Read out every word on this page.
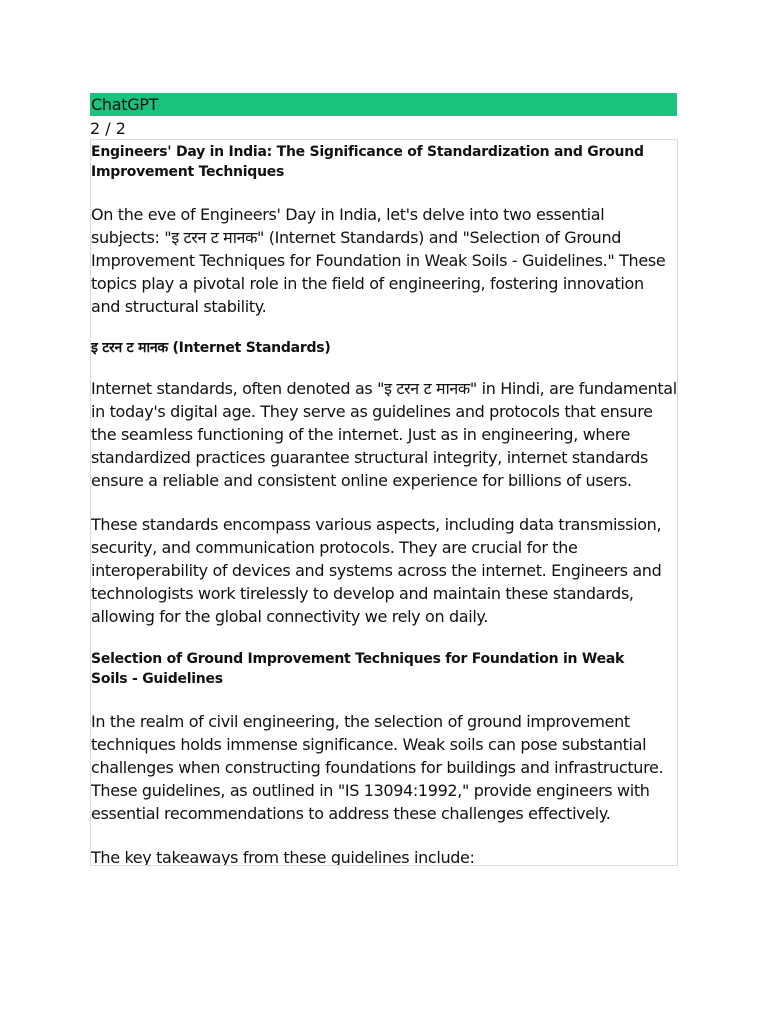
ChatGPT
2 / 2
Engineers' Day in India: The Significance of Standardization and Ground Improvement Techniques
On the eve of Engineers' Day in India, let's delve into two essential subjects: "इ टरन ट मानक" (Internet Standards) and "Selection of Ground Improvement Techniques for Foundation in Weak Soils - Guidelines." These topics play a pivotal role in the field of engineering, fostering innovation and structural stability.
इ टरन ट मानक (Internet Standards)
Internet standards, often denoted as "इ टरन ट मानक" in Hindi, are fundamental in today's digital age. They serve as guidelines and protocols that ensure the seamless functioning of the internet. Just as in engineering, where standardized practices guarantee structural integrity, internet standards ensure a reliable and consistent online experience for billions of users.
These standards encompass various aspects, including data transmission, security, and communication protocols. They are crucial for the interoperability of devices and systems across the internet. Engineers and technologists work tirelessly to develop and maintain these standards, allowing for the global connectivity we rely on daily.
Selection of Ground Improvement Techniques for Foundation in Weak Soils - Guidelines
In the realm of civil engineering, the selection of ground improvement techniques holds immense significance. Weak soils can pose substantial challenges when constructing foundations for buildings and infrastructure. These guidelines, as outlined in "IS 13094:1992," provide engineers with essential recommendations to address these challenges effectively.
The key takeaways from these guidelines include:
